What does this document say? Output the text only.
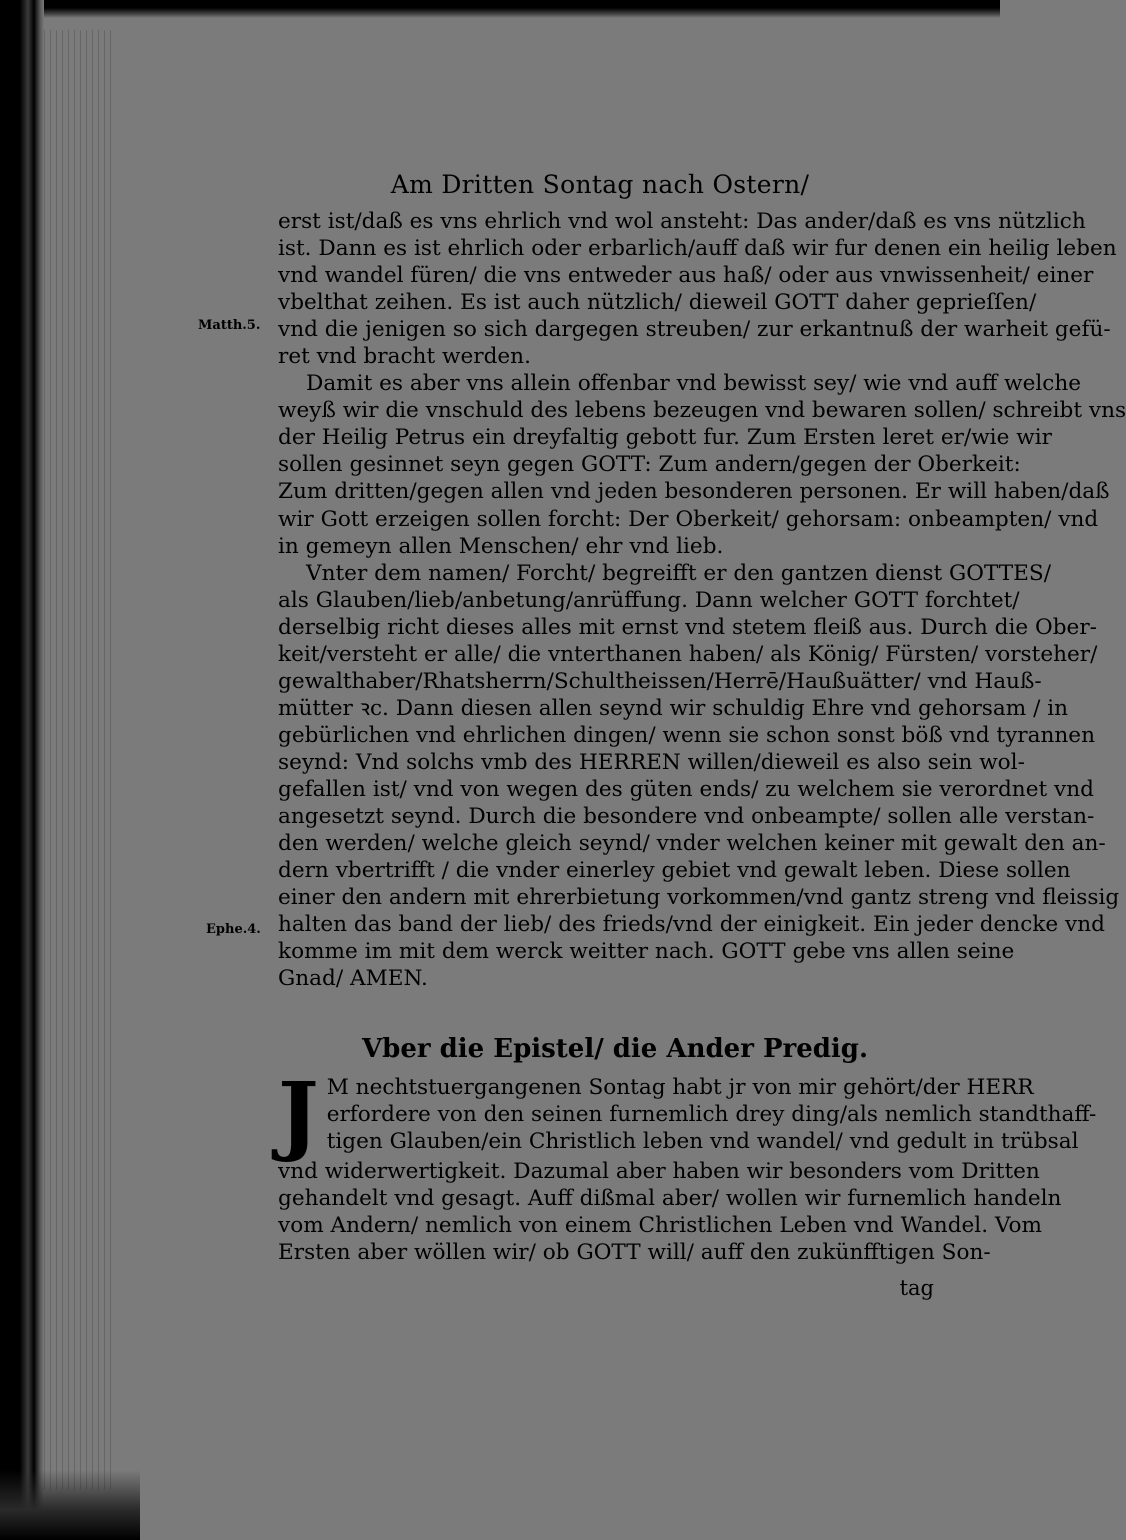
Am Dritten Sontag nach Ostern/
Matth.5.
Ephe.4.
erst ist/daß es vns ehrlich vnd wol ansteht: Das ander/daß es vns nützlich
ist. Dann es ist ehrlich oder erbarlich/auff daß wir fur denen ein heilig leben
vnd wandel füren/ die vns entweder aus haß/ oder aus vnwissenheit/ einer
vbelthat zeihen. Es ist auch nützlich/ dieweil GOTT daher geprieſſen/
vnd die jenigen so sich dargegen streuben/ zur erkantnuß der warheit gefü-
ret vnd bracht werden.
Damit es aber vns allein offenbar vnd bewisst sey/ wie vnd auff welche
weyß wir die vnschuld des lebens bezeugen vnd bewaren sollen/ schreibt vns
der Heilig Petrus ein dreyfaltig gebott fur. Zum Ersten leret er/wie wir
sollen gesinnet seyn gegen GOTT: Zum andern/gegen der Oberkeit:
Zum dritten/gegen allen vnd jeden besonderen personen. Er will haben/daß
wir Gott erzeigen sollen forcht: Der Oberkeit/ gehorsam: onbeampten/ vnd
in gemeyn allen Menschen/ ehr vnd lieb.
Vnter dem namen/ Forcht/ begreifft er den gantzen dienst GOTTES/
als Glauben/lieb/anbetung/anrüffung. Dann welcher GOTT forchtet/
derselbig richt dieses alles mit ernst vnd stetem fleiß aus. Durch die Ober-
keit/versteht er alle/ die vnterthanen haben/ als König/ Fürsten/ vorsteher/
gewalthaber/Rhatsherrn/Schultheissen/Herrē/Haußuätter/ vnd Hauß-
mütter ꝛc. Dann diesen allen seynd wir schuldig Ehre vnd gehorsam / in
gebürlichen vnd ehrlichen dingen/ wenn sie schon sonst böß vnd tyrannen
seynd: Vnd solchs vmb des HERREN willen/dieweil es also sein wol-
gefallen ist/ vnd von wegen des güten ends/ zu welchem sie verordnet vnd
angesetzt seynd. Durch die besondere vnd onbeampte/ sollen alle verstan-
den werden/ welche gleich seynd/ vnder welchen keiner mit gewalt den an-
dern vbertrifft / die vnder einerley gebiet vnd gewalt leben. Diese sollen
einer den andern mit ehrerbietung vorkommen/vnd gantz streng vnd fleissig
halten das band der lieb/ des frieds/vnd der einigkeit. Ein jeder dencke vnd
komme im mit dem werck weitter nach. GOTT gebe vns allen seine
Gnad/ AMEN.
Vber die Epistel/ die Ander Predig.
J M nechtstuergangenen Sontag habt jr von mir gehört/der HERR
erfordere von den seinen furnemlich drey ding/als nemlich standthaff-
tigen Glauben/ein Christlich leben vnd wandel/ vnd gedult in trübsal
vnd widerwertigkeit. Dazumal aber haben wir besonders vom Dritten
gehandelt vnd gesagt. Auff dißmal aber/ wollen wir furnemlich handeln
vom Andern/ nemlich von einem Christlichen Leben vnd Wandel. Vom
Ersten aber wöllen wir/ ob GOTT will/ auff den zukünfftigen Son-
tag
